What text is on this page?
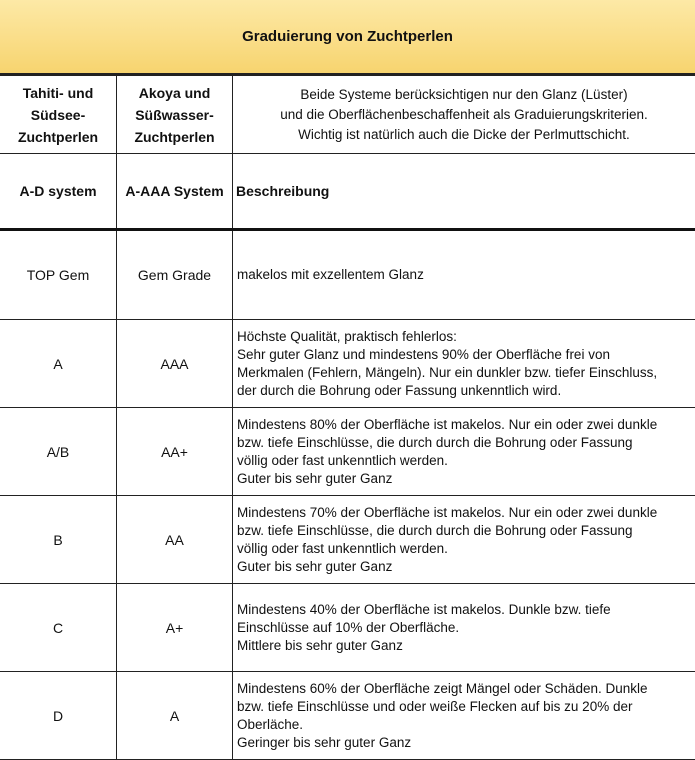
Graduierung von Zuchtperlen
Tahiti- und
Südsee-
Zuchtperlen	Akoya und
Süßwasser-
Zuchtperlen	Beide Systeme berücksichtigen nur den Glanz (Lüster)
und die Oberflächenbeschaffenheit als Graduierungskriterien.
Wichtig ist natürlich auch die Dicke der Perlmuttschicht.

A-D system	A-AAA System	Beschreibung
TOP Gem	Gem Grade	makelos mit exzellentem Glanz

A	AAA	Höchste Qualität, praktisch fehlerlos:
Sehr guter Glanz und mindestens 90% der Oberfläche frei von
Merkmalen (Fehlern, Mängeln). Nur ein dunkler bzw. tiefer Einschluss,
der durch die Bohrung oder Fassung unkenntlich wird.

A/B	AA+	Mindestens 80% der Oberfläche ist makelos. Nur ein oder zwei dunkle
bzw. tiefe Einschlüsse, die durch durch die Bohrung oder Fassung
völlig oder fast unkenntlich werden.
Guter bis sehr guter Ganz

B	AA	Mindestens 70% der Oberfläche ist makelos. Nur ein oder zwei dunkle
bzw. tiefe Einschlüsse, die durch durch die Bohrung oder Fassung
völlig oder fast unkenntlich werden.
Guter bis sehr guter Ganz

C	A+	Mindestens 40% der Oberfläche ist makelos. Dunkle bzw. tiefe
Einschlüsse auf 10% der Oberfläche.
Mittlere bis sehr guter Ganz

D	A	Mindestens 60% der Oberfläche zeigt Mängel oder Schäden. Dunkle
bzw. tiefe Einschlüsse und oder weiße Flecken auf bis zu 20% der
Oberläche.
Geringer bis sehr guter Ganz
